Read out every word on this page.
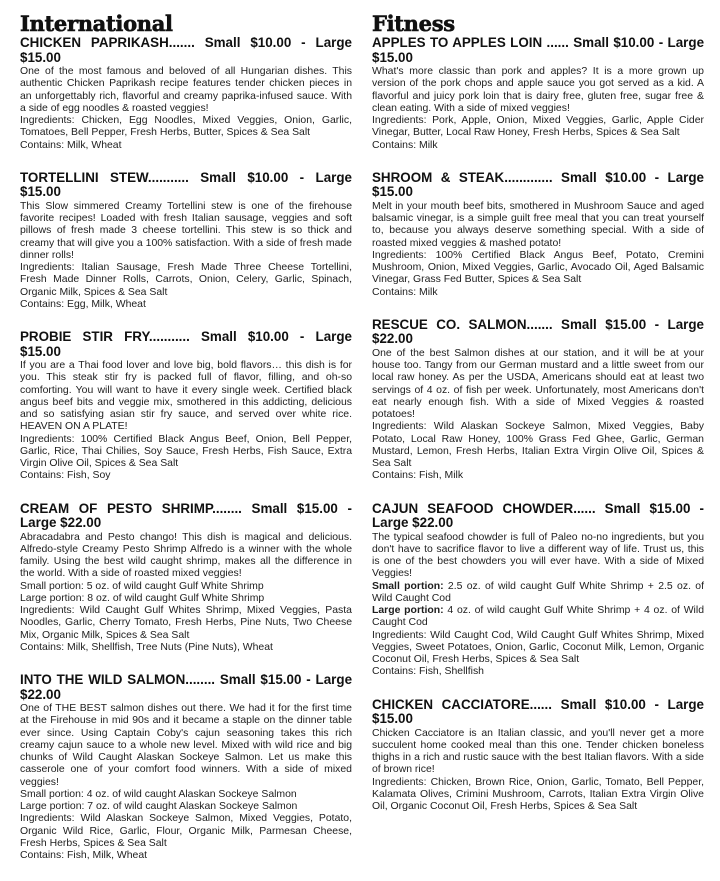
International
CHICKEN PAPRIKASH....... Small $10.00 - Large $15.00
One of the most famous and beloved of all Hungarian dishes. This authentic Chicken Paprikash recipe features tender chicken pieces in an unforgettably rich, flavorful and creamy paprika-infused sauce. With a side of egg noodles & roasted veggies!
Ingredients: Chicken, Egg Noodles, Mixed Veggies, Onion, Garlic, Tomatoes, Bell Pepper, Fresh Herbs, Butter, Spices & Sea Salt
Contains: Milk, Wheat
TORTELLINI STEW........... Small $10.00 - Large $15.00
This Slow simmered Creamy Tortellini stew is one of the firehouse favorite recipes! Loaded with fresh Italian sausage, veggies and soft pillows of fresh made 3 cheese tortellini. This stew is so thick and creamy that will give you a 100% satisfaction. With a side of fresh made dinner rolls!
Ingredients: Italian Sausage, Fresh Made Three Cheese Tortellini, Fresh Made Dinner Rolls, Carrots, Onion, Celery, Garlic, Spinach, Organic Milk, Spices & Sea Salt
Contains: Egg, Milk, Wheat
PROBIE STIR FRY........... Small $10.00 - Large $15.00
If you are a Thai food lover and love big, bold flavors… this dish is for you. This steak stir fry is packed full of flavor, filling, and oh-so comforting. You will want to have it every single week. Certified black angus beef bits and veggie mix, smothered in this addicting, delicious and so satisfying asian stir fry sauce, and served over white rice. HEAVEN ON A PLATE!
Ingredients: 100% Certified Black Angus Beef, Onion, Bell Pepper, Garlic, Rice, Thai Chilies, Soy Sauce, Fresh Herbs, Fish Sauce, Extra Virgin Olive Oil, Spices & Sea Salt
Contains: Fish, Soy
CREAM OF PESTO SHRIMP........ Small $15.00 - Large $22.00
Abracadabra and Pesto chango! This dish is magical and delicious. Alfredo-style Creamy Pesto Shrimp Alfredo is a winner with the whole family. Using the best wild caught shrimp, makes all the difference in the world. With a side of roasted mixed veggies!
Small portion: 5 oz. of wild caught Gulf White Shrimp
Large portion: 8 oz. of wild caught Gulf White Shrimp
Ingredients: Wild Caught Gulf Whites Shrimp, Mixed Veggies, Pasta Noodles, Garlic, Cherry Tomato, Fresh Herbs, Pine Nuts, Two Cheese Mix, Organic Milk, Spices & Sea Salt
Contains: Milk, Shellfish, Tree Nuts (Pine Nuts), Wheat
INTO THE WILD SALMON........ Small $15.00 - Large $22.00
One of THE BEST salmon dishes out there. We had it for the first time at the Firehouse in mid 90s and it became a staple on the dinner table ever since. Using Captain Coby's cajun seasoning takes this rich creamy cajun sauce to a whole new level. Mixed with wild rice and big chunks of Wild Caught Alaskan Sockeye Salmon. Let us make this casserole one of your comfort food winners. With a side of mixed veggies!
Small portion: 4 oz. of wild caught Alaskan Sockeye Salmon
Large portion: 7 oz. of wild caught Alaskan Sockeye Salmon
Ingredients: Wild Alaskan Sockeye Salmon, Mixed Veggies, Potato, Organic Wild Rice, Garlic, Flour, Organic Milk, Parmesan Cheese, Fresh Herbs, Spices & Sea Salt
Contains: Fish, Milk, Wheat
Fitness
APPLES TO APPLES LOIN ...... Small $10.00 - Large $15.00
What's more classic than pork and apples? It is a more grown up version of the pork chops and apple sauce you got served as a kid. A flavorful and juicy pork loin that is dairy free, gluten free, sugar free & clean eating. With a side of mixed veggies!
Ingredients: Pork, Apple, Onion, Mixed Veggies, Garlic, Apple Cider Vinegar, Butter, Local Raw Honey, Fresh Herbs, Spices & Sea Salt
Contains: Milk
SHROOM & STEAK............. Small $10.00 - Large $15.00
Melt in your mouth beef bits, smothered in Mushroom Sauce and aged balsamic vinegar, is a simple guilt free meal that you can treat yourself to, because you always deserve something special. With a side of roasted mixed veggies & mashed potato!
Ingredients: 100% Certified Black Angus Beef, Potato, Cremini Mushroom, Onion, Mixed Veggies, Garlic, Avocado Oil, Aged Balsamic Vinegar, Grass Fed Butter, Spices & Sea Salt
Contains: Milk
RESCUE CO. SALMON....... Small $15.00 - Large $22.00
One of the best Salmon dishes at our station, and it will be at your house too. Tangy from our German mustard and a little sweet from our local raw honey. As per the USDA, Americans should eat at least two servings of 4 oz. of fish per week. Unfortunately, most Americans don't eat nearly enough fish. With a side of Mixed Veggies & roasted potatoes!
Ingredients: Wild Alaskan Sockeye Salmon, Mixed Veggies, Baby Potato, Local Raw Honey, 100% Grass Fed Ghee, Garlic, German Mustard, Lemon, Fresh Herbs, Italian Extra Virgin Olive Oil, Spices & Sea Salt
Contains: Fish, Milk
CAJUN SEAFOOD CHOWDER...... Small $15.00 - Large $22.00
The typical seafood chowder is full of Paleo no-no ingredients, but you don't have to sacrifice flavor to live a different way of life. Trust us, this is one of the best chowders you will ever have. With a side of Mixed Veggies!
Small portion: 2.5 oz. of wild caught Gulf White Shrimp + 2.5 oz. of Wild Caught Cod
Large portion: 4 oz. of wild caught Gulf White Shrimp + 4 oz. of Wild Caught Cod
Ingredients: Wild Caught Cod, Wild Caught Gulf Whites Shrimp, Mixed Veggies, Sweet Potatoes, Onion, Garlic, Coconut Milk, Lemon, Organic Coconut Oil, Fresh Herbs, Spices & Sea Salt
Contains: Fish, Shellfish
CHICKEN CACCIATORE...... Small $10.00 - Large $15.00
Chicken Cacciatore is an Italian classic, and you'll never get a more succulent home cooked meal than this one. Tender chicken boneless thighs in a rich and rustic sauce with the best Italian flavors. With a side of brown rice!
Ingredients: Chicken, Brown Rice, Onion, Garlic, Tomato, Bell Pepper, Kalamata Olives, Crimini Mushroom, Carrots, Italian Extra Virgin Olive Oil, Organic Coconut Oil, Fresh Herbs, Spices & Sea Salt
